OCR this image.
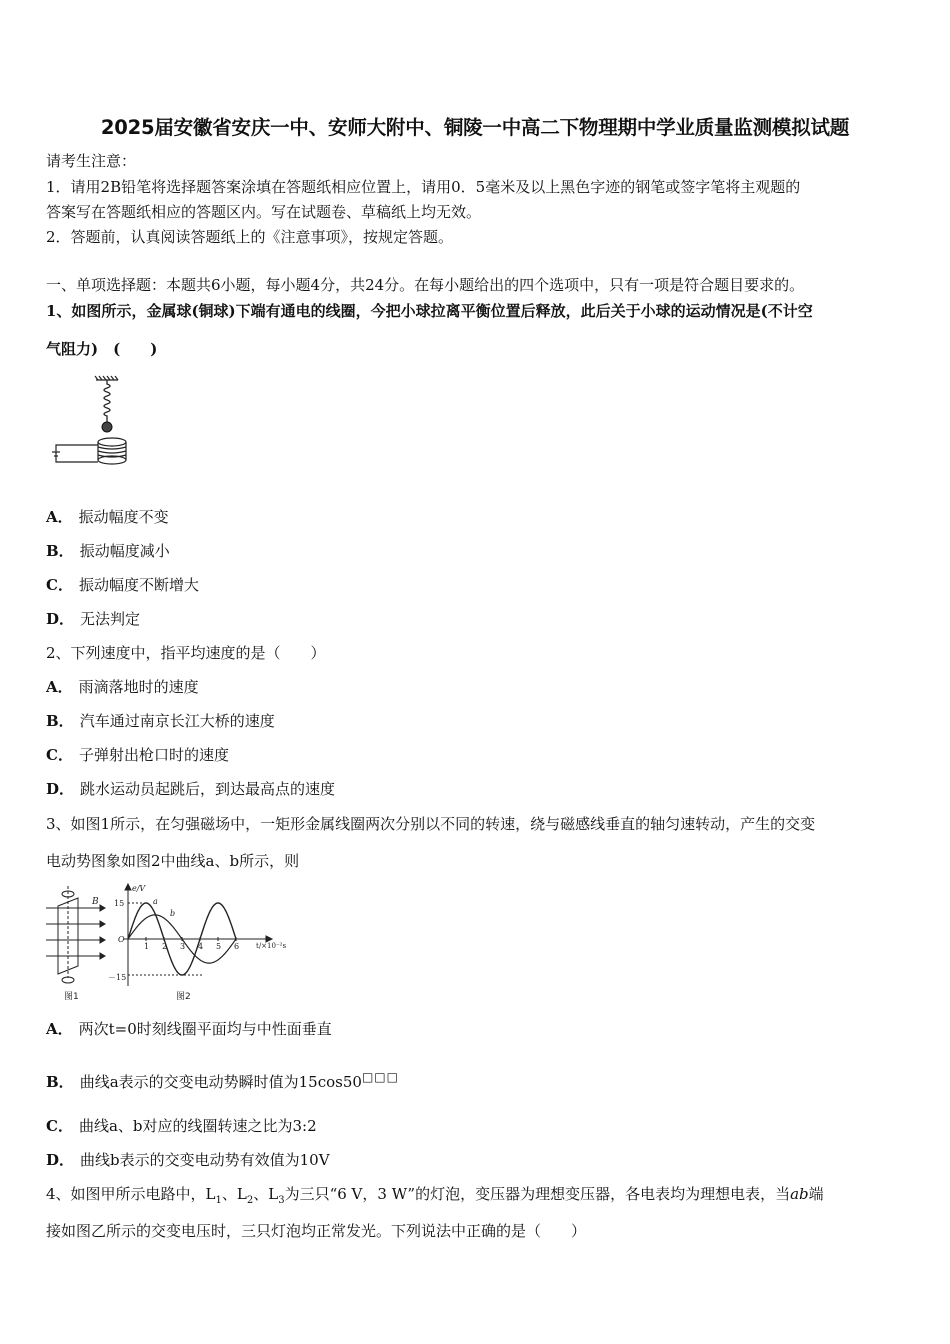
2025届安徽省安庆一中、安师大附中、铜陵一中高二下物理期中学业质量监测模拟试题
请考生注意：
1．请用2B铅笔将选择题答案涂填在答题纸相应位置上，请用0．5毫米及以上黑色字迹的钢笔或签字笔将主观题的
答案写在答题纸相应的答题区内。写在试题卷、草稿纸上均无效。
2．答题前，认真阅读答题纸上的《注意事项》，按规定答题。
一、单项选择题：本题共6小题，每小题4分，共24分。在每小题给出的四个选项中，只有一项是符合题目要求的。
1、如图所示，金属球(铜球)下端有通电的线圈，今把小球拉离平衡位置后释放，此后关于小球的运动情况是(不计空
气阻力)　(　　)
A． 振动幅度不变
B． 振动幅度减小
C． 振动幅度不断增大
D． 无法判定
2、下列速度中，指平均速度的是（　　）
A． 雨滴落地时的速度
B． 汽车通过南京长江大桥的速度
C． 子弹射出枪口时的速度
D． 跳水运动员起跳后，到达最高点的速度
3、如图1所示，在匀强磁场中，一矩形金属线圈两次分别以不同的转速，绕与磁感线垂直的轴匀速转动，产生的交变
电动势图象如图2中曲线a、b所示，则
B
图1
e/V
t/×10⁻²s
15
－15
O
1 2 3 4 5 6
a
b
图2
A． 两次t=0时刻线圈平面均与中性面垂直
B． 曲线a表示的交变电动势瞬时值为15cos50□□□
C． 曲线a、b对应的线圈转速之比为3:2
D． 曲线b表示的交变电动势有效值为10V
4、如图甲所示电路中，$L_1$、$L_2$、$L_3$为三只“6 V，3 W”的灯泡，变压器为理想变压器，各电表均为理想电表，当ab端
接如图乙所示的交变电压时，三只灯泡均正常发光。下列说法中正确的是（　　）
